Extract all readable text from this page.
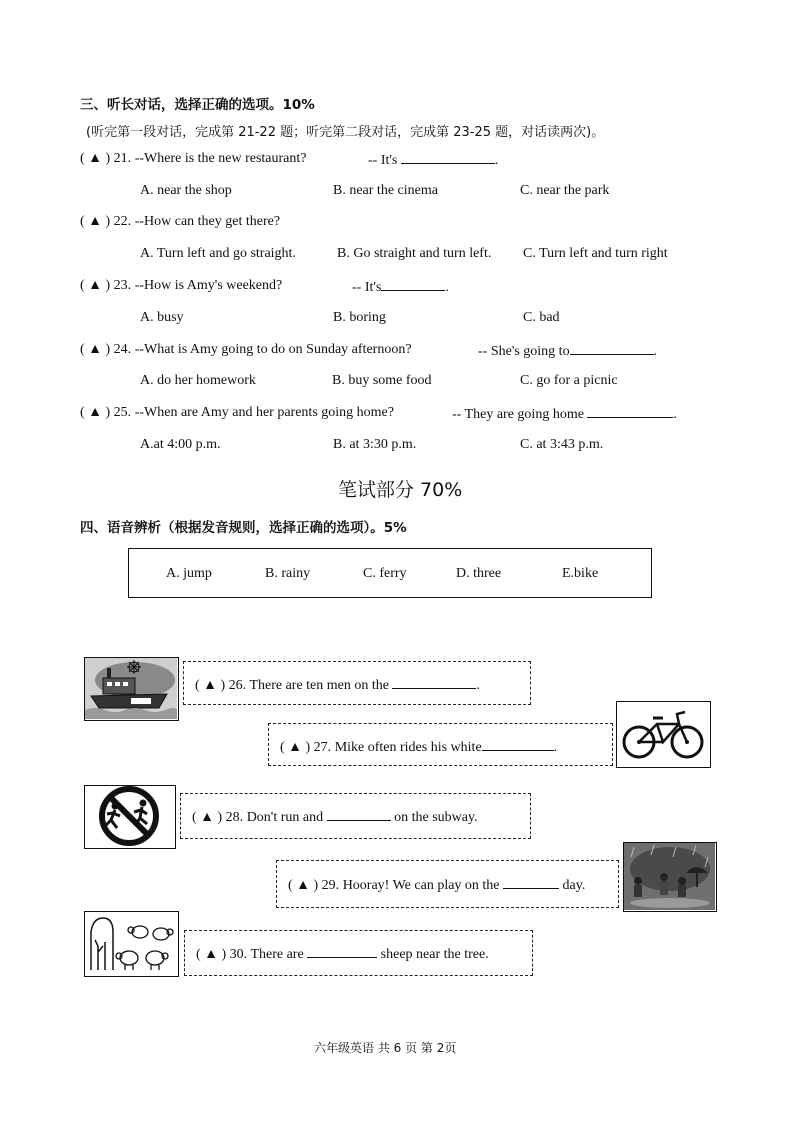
三、听长对话，选择正确的选项。10%
(听完第一段对话，完成第 21-22 题；听完第二段对话，完成第 23-25 题，对话读两次)。
( ▲ ) 21. --Where is the new restaurant?	-- It's	.
A. near the shop	B. near the cinema	C. near the park
( ▲ ) 22. --How can they get there?
A. Turn left and go straight.	B. Go straight and turn left. C. Turn left and turn right
( ▲ ) 23. --How is Amy's weekend?	-- It's	.
A. busy	B. boring	C. bad
( ▲ ) 24. --What is Amy going to do on Sunday afternoon?	-- She's going to	.
A. do her homework	B. buy some food	C. go for a picnic
( ▲ ) 25. --When are Amy and her parents going home?	-- They are going home	.
A.at 4:00 p.m.	B. at 3:30 p.m.	C. at 3:43 p.m.
笔试部分 70%
四、语音辨析（根据发音规则，选择正确的选项）。5%
A. jump	B. rainy	C. ferry	D. three	E.bike
( ▲ ) 26. There are ten men on the	.
( ▲ ) 27. Mike often rides his white	.
( ▲ ) 28. Don't run and	on the subway.
( ▲ ) 29. Hooray! We can play on the	day.
( ▲ ) 30. There are	sheep near the tree.
六年级英语 共 6 页 第 2页
